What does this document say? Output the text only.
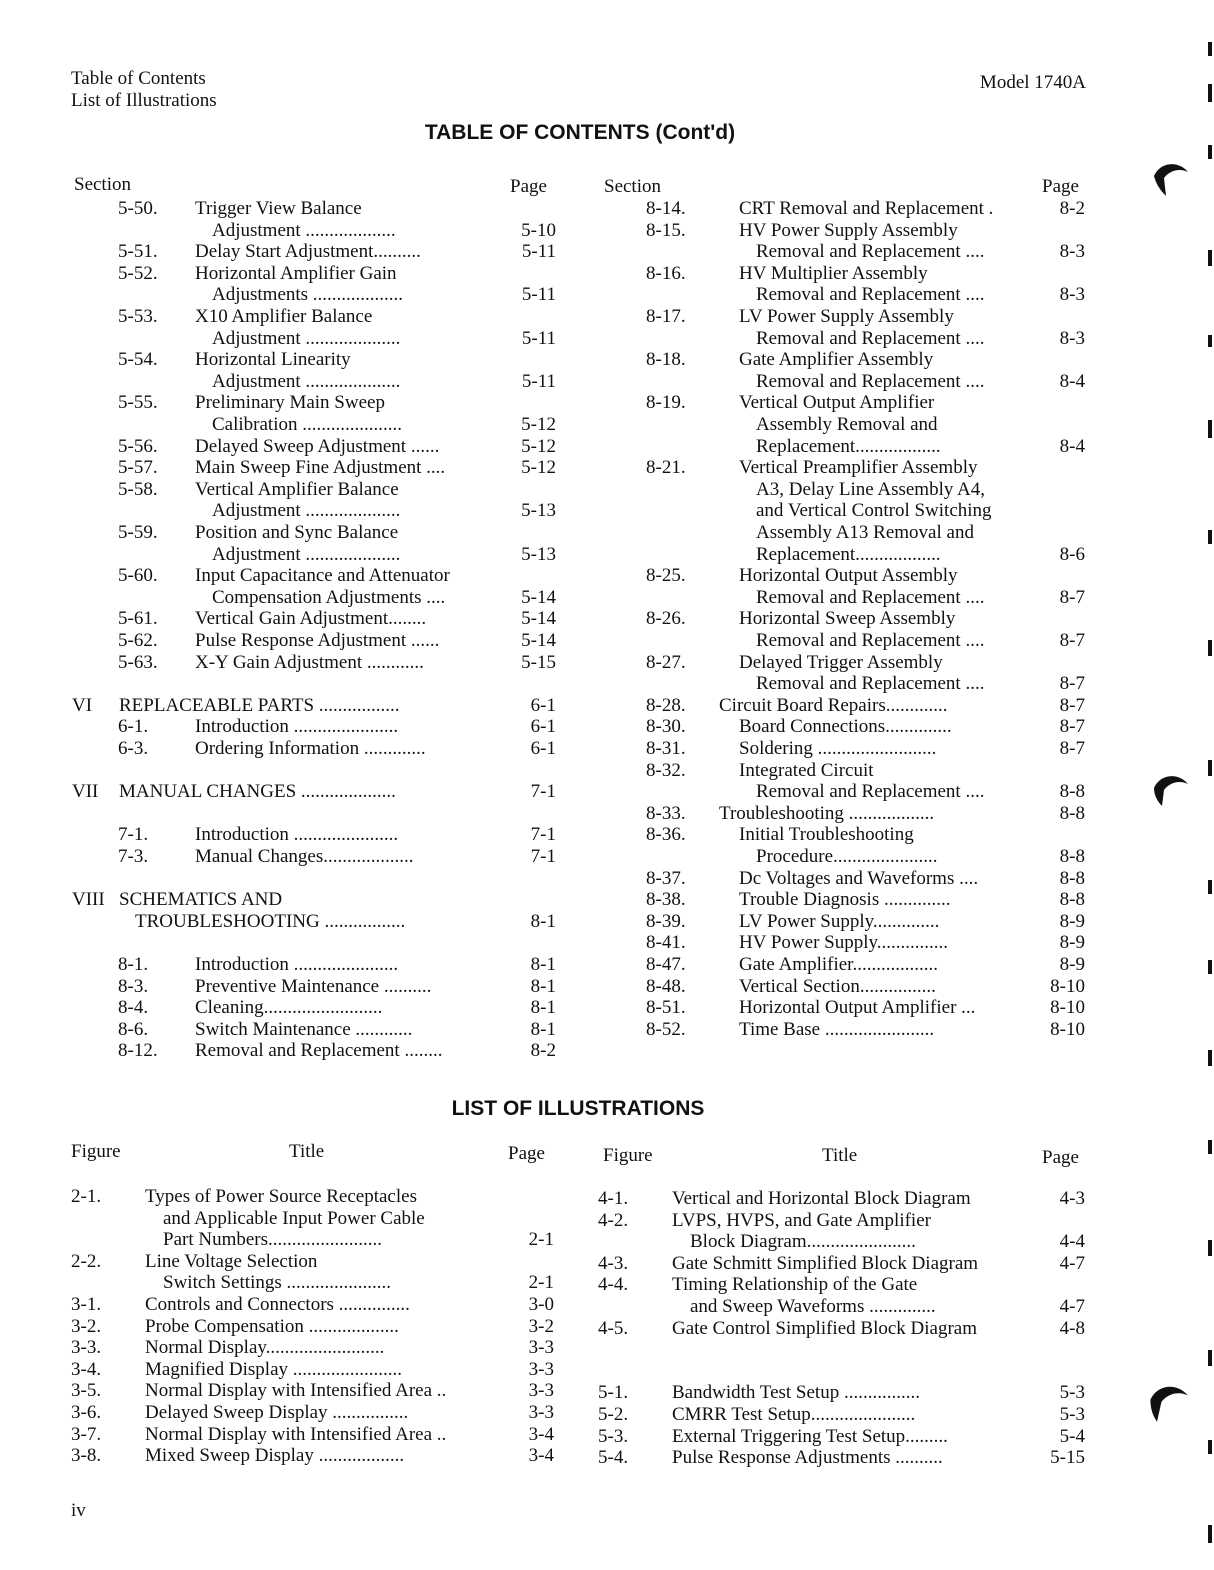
Table of Contents
List of Illustrations
Model 1740A
TABLE OF CONTENTS (Cont'd)
Section	Page	Section	Page
5-50. Trigger View Balance
Adjustment ...................	5-10
5-51. Delay Start Adjustment..........	5-11
5-52. Horizontal Amplifier Gain
Adjustments ...................	5-11
5-53. X10 Amplifier Balance
Adjustment ....................	5-11
5-54. Horizontal Linearity
Adjustment ....................	5-11
5-55. Preliminary Main Sweep
Calibration .....................	5-12
5-56. Delayed Sweep Adjustment ......	5-12
5-57. Main Sweep Fine Adjustment ....	5-12
5-58. Vertical Amplifier Balance
Adjustment ....................	5-13
5-59. Position and Sync Balance
Adjustment ....................	5-13
5-60. Input Capacitance and Attenuator
Compensation Adjustments ....	5-14
5-61. Vertical Gain Adjustment........	5-14
5-62. Pulse Response Adjustment ......	5-14
5-63. X-Y Gain Adjustment ............	5-15
VI REPLACEABLE PARTS .................	6-1
6-1. Introduction ......................	6-1
6-3. Ordering Information .............	6-1
VII MANUAL CHANGES ....................	7-1
7-1. Introduction ......................	7-1
7-3. Manual Changes...................	7-1
VIII SCHEMATICS AND
TROUBLESHOOTING .................	8-1
8-1. Introduction ......................	8-1
8-3. Preventive Maintenance ..........	8-1
8-4. Cleaning.........................	8-1
8-6. Switch Maintenance ............	8-1
8-12. Removal and Replacement ........	8-2
8-14.	CRT Removal and Replacement .	8-2
8-15.	HV Power Supply Assembly
Removal and Replacement ....	8-3
8-16.	HV Multiplier Assembly
Removal and Replacement ....	8-3
8-17.	LV Power Supply Assembly
Removal and Replacement ....	8-3
8-18.	Gate Amplifier Assembly
Removal and Replacement ....	8-4
8-19.	Vertical Output Amplifier
Assembly Removal and
Replacement..................	8-4
8-21.	Vertical Preamplifier Assembly
A3, Delay Line Assembly A4,
and Vertical Control Switching
Assembly A13 Removal and
Replacement..................	8-6
8-25.	Horizontal Output Assembly
Removal and Replacement ....	8-7
8-26.	Horizontal Sweep Assembly
Removal and Replacement ....	8-7
8-27.	Delayed Trigger Assembly
Removal and Replacement ....	8-7
8-28. Circuit Board Repairs.............	8-7
8-30.	Board Connections..............	8-7
8-31.	Soldering .........................	8-7
8-32.	Integrated Circuit
Removal and Replacement ....	8-8
8-33. Troubleshooting ..................	8-8
8-36.	Initial Troubleshooting
Procedure......................	8-8
8-37.	Dc Voltages and Waveforms ....	8-8
8-38.	Trouble Diagnosis ..............	8-8
8-39.	LV Power Supply..............	8-9
8-41.	HV Power Supply...............	8-9
8-47.	Gate Amplifier..................	8-9
8-48.	Vertical Section................	8-10
8-51.	Horizontal Output Amplifier ...	8-10
8-52.	Time Base .......................	8-10
LIST OF ILLUSTRATIONS
Figure	Title	Page	Figure	Title	Page
2-1. Types of Power Source Receptacles
and Applicable Input Power Cable
Part Numbers........................	2-1
2-2. Line Voltage Selection
Switch Settings ......................	2-1
3-1. Controls and Connectors ...............	3-0
3-2. Probe Compensation ...................	3-2
3-3. Normal Display.........................	3-3
3-4. Magnified Display .......................	3-3
3-5. Normal Display with Intensified Area ..	3-3
3-6. Delayed Sweep Display ................	3-3
3-7. Normal Display with Intensified Area ..	3-4
3-8. Mixed Sweep Display ..................	3-4
4-1. Vertical and Horizontal Block Diagram	4-3
4-2. LVPS, HVPS, and Gate Amplifier
Block Diagram.......................	4-4
4-3. Gate Schmitt Simplified Block Diagram	4-7
4-4. Timing Relationship of the Gate
and Sweep Waveforms ..............	4-7
4-5. Gate Control Simplified Block Diagram	4-8
5-1. Bandwidth Test Setup ................	5-3
5-2. CMRR Test Setup......................	5-3
5-3. External Triggering Test Setup.........	5-4
5-4. Pulse Response Adjustments ..........	5-15
iv
